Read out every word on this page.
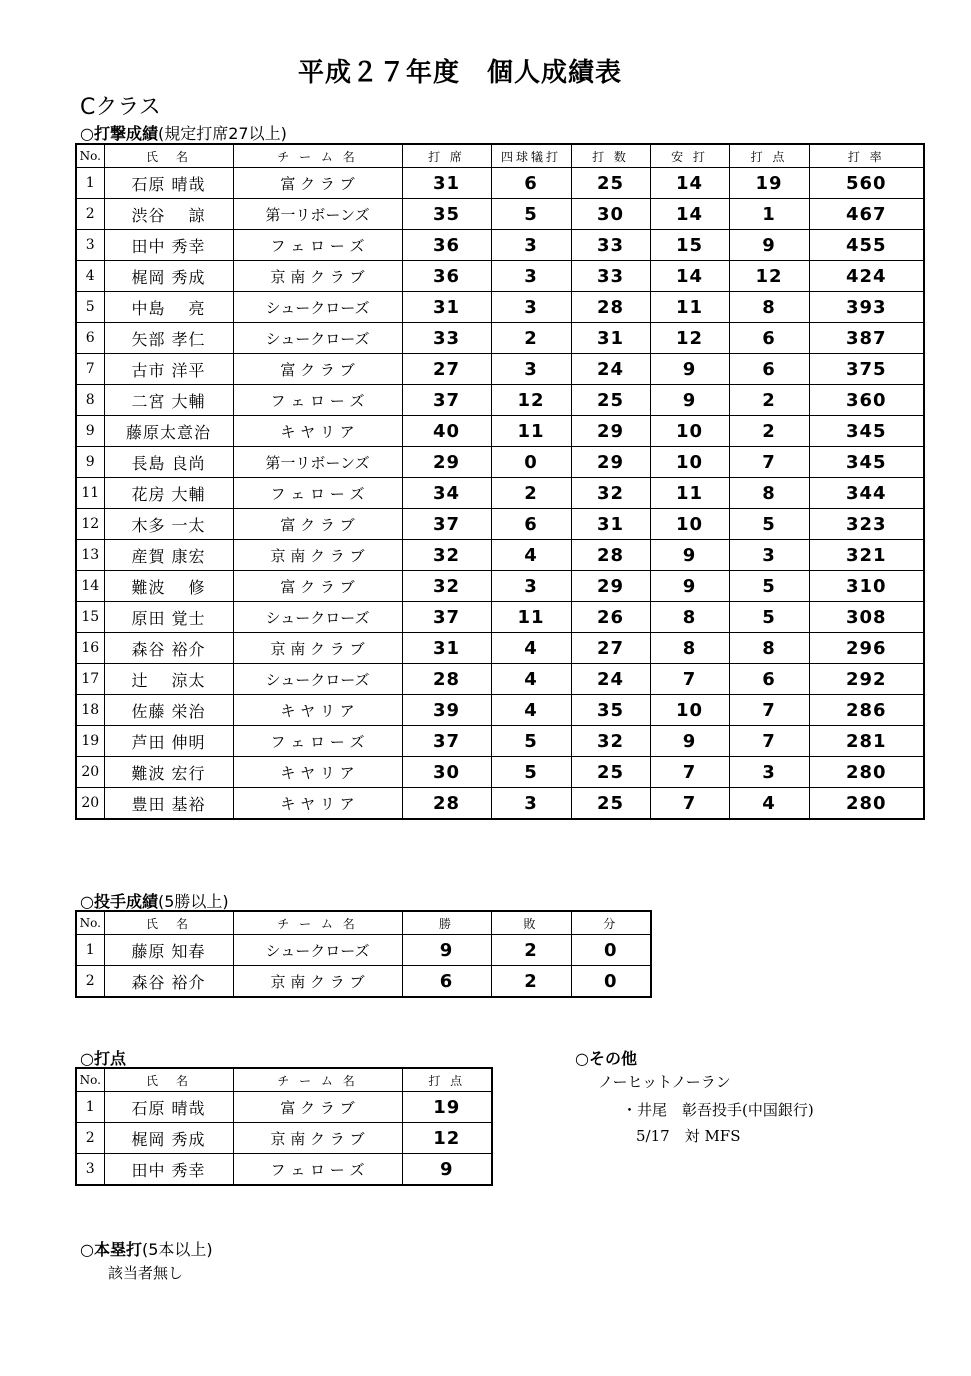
平成２７年度　個人成績表
Cクラス
○打撃成績(規定打席27以上)
No.	氏　名	チ ー ム 名	打 席	四球犠打	打 数	安 打	打 点	打 率
1	石原 晴哉	富 ク ラ ブ	31	6	25	14	19	560
2	渋谷　 諒	第一リボーンズ	35	5	30	14	1	467
3	田中 秀幸	フ ェ ロ ー ズ	36	3	33	15	9	455
4	梶岡 秀成	京 南 ク ラ ブ	36	3	33	14	12	424
5	中島　 亮	シュークローズ	31	3	28	11	8	393
6	矢部 孝仁	シュークローズ	33	2	31	12	6	387
7	古市 洋平	富 ク ラ ブ	27	3	24	9	6	375
8	二宮 大輔	フ ェ ロ ー ズ	37	12	25	9	2	360
9	藤原太意治	キ ヤ リ ア	40	11	29	10	2	345
9	長島 良尚	第一リボーンズ	29	0	29	10	7	345
11	花房 大輔	フ ェ ロ ー ズ	34	2	32	11	8	344
12	木多 一太	富 ク ラ ブ	37	6	31	10	5	323
13	産賀 康宏	京 南 ク ラ ブ	32	4	28	9	3	321
14	難波　 修	富 ク ラ ブ	32	3	29	9	5	310
15	原田 覚士	シュークローズ	37	11	26	8	5	308
16	森谷 裕介	京 南 ク ラ ブ	31	4	27	8	8	296
17	辻　 涼太	シュークローズ	28	4	24	7	6	292
18	佐藤 栄治	キ ヤ リ ア	39	4	35	10	7	286
19	芦田 伸明	フ ェ ロ ー ズ	37	5	32	9	7	281
20	難波 宏行	キ ヤ リ ア	30	5	25	7	3	280
20	豊田 基裕	キ ヤ リ ア	28	3	25	7	4	280
○投手成績(5勝以上)
No.	氏　名	チ ー ム 名	勝	敗	分
1	藤原 知春	シュークローズ	9	2	0
2	森谷 裕介	京 南 ク ラ ブ	6	2	0
○打点
No.	氏　名	チ ー ム 名	打 点
1	石原 晴哉	富 ク ラ ブ	19
2	梶岡 秀成	京 南 ク ラ ブ	12
3	田中 秀幸	フ ェ ロ ー ズ	9
○その他
ノーヒットノーラン
・井尾　彰吾投手(中国銀行)
5/17　対 MFS
○本塁打(5本以上)
該当者無し
